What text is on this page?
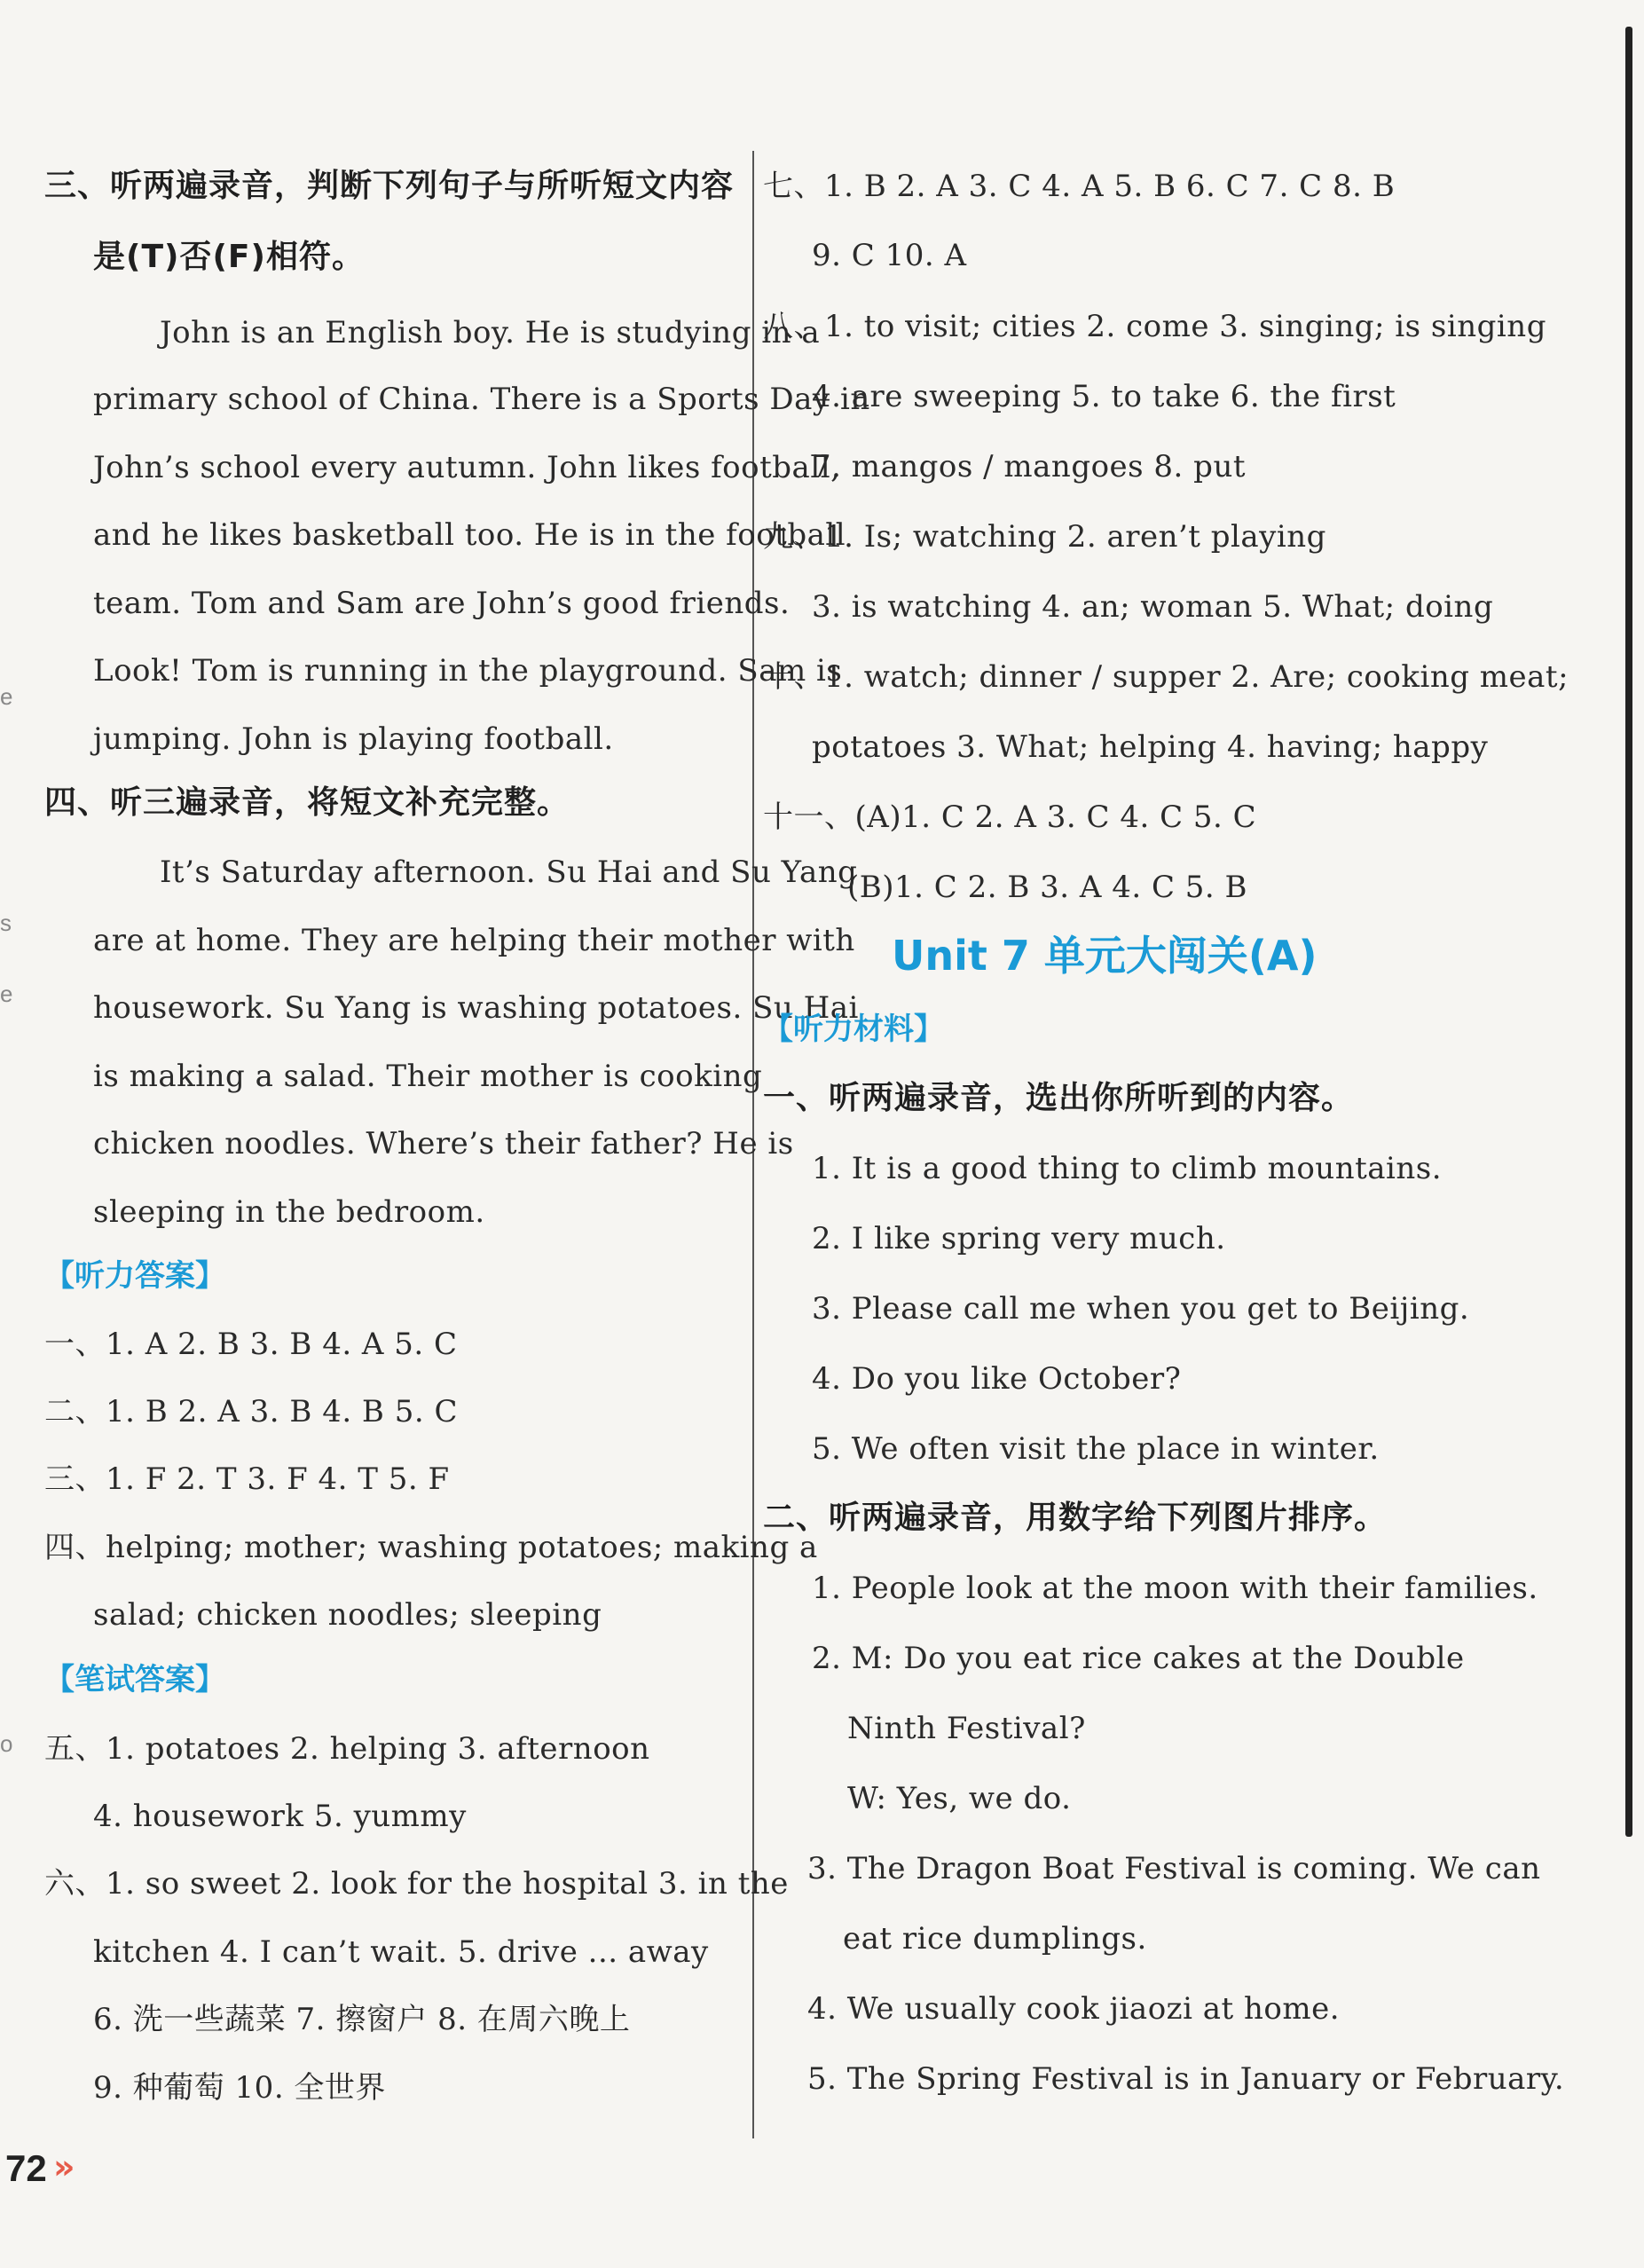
三、听两遍录音，判断下列句子与所听短文内容
是(T)否(F)相符。
John is an English boy. He is studying in a
primary school of China. There is a Sports Day in
John’s school every autumn. John likes football,
and he likes basketball too. He is in the football
team. Tom and Sam are John’s good friends.
Look! Tom is running in the playground. Sam is
jumping. John is playing football.
四、听三遍录音，将短文补充完整。
It’s Saturday afternoon. Su Hai and Su Yang
are at home. They are helping their mother with
housework. Su Yang is washing potatoes. Su Hai
is making a salad. Their mother is cooking
chicken noodles. Where’s their father? He is
sleeping in the bedroom.
【听力答案】
一、1. A 2. B 3. B 4. A 5. C
二、1. B 2. A 3. B 4. B 5. C
三、1. F 2. T 3. F 4. T 5. F
四、helping; mother; washing potatoes; making a
salad; chicken noodles; sleeping
【笔试答案】
五、1. potatoes 2. helping 3. afternoon
4. housework 5. yummy
六、1. so sweet 2. look for the hospital 3. in the
kitchen 4. I can’t wait. 5. drive ... away
6. 洗一些蔬菜 7. 擦窗户 8. 在周六晚上
9. 种葡萄 10. 全世界
七、1. B 2. A 3. C 4. A 5. B 6. C 7. C 8. B
9. C 10. A
八、1. to visit; cities 2. come 3. singing; is singing
4. are sweeping 5. to take 6. the first
7. mangos / mangoes 8. put
九、1. Is; watching 2. aren’t playing
3. is watching 4. an; woman 5. What; doing
十、1. watch; dinner / supper 2. Are; cooking meat;
potatoes 3. What; helping 4. having; happy
十一、(A)1. C 2. A 3. C 4. C 5. C
(B)1. C 2. B 3. A 4. C 5. B
Unit 7 单元大闯关(A)
【听力材料】
一、听两遍录音，选出你所听到的内容。
1. It is a good thing to climb mountains.
2. I like spring very much.
3. Please call me when you get to Beijing.
4. Do you like October?
5. We often visit the place in winter.
二、听两遍录音，用数字给下列图片排序。
1. People look at the moon with their families.
2. M: Do you eat rice cakes at the Double
Ninth Festival?
W: Yes, we do.
3. The Dragon Boat Festival is coming. We can
eat rice dumplings.
4. We usually cook jiaozi at home.
5. The Spring Festival is in January or February.
e
s
e
o
72 »
